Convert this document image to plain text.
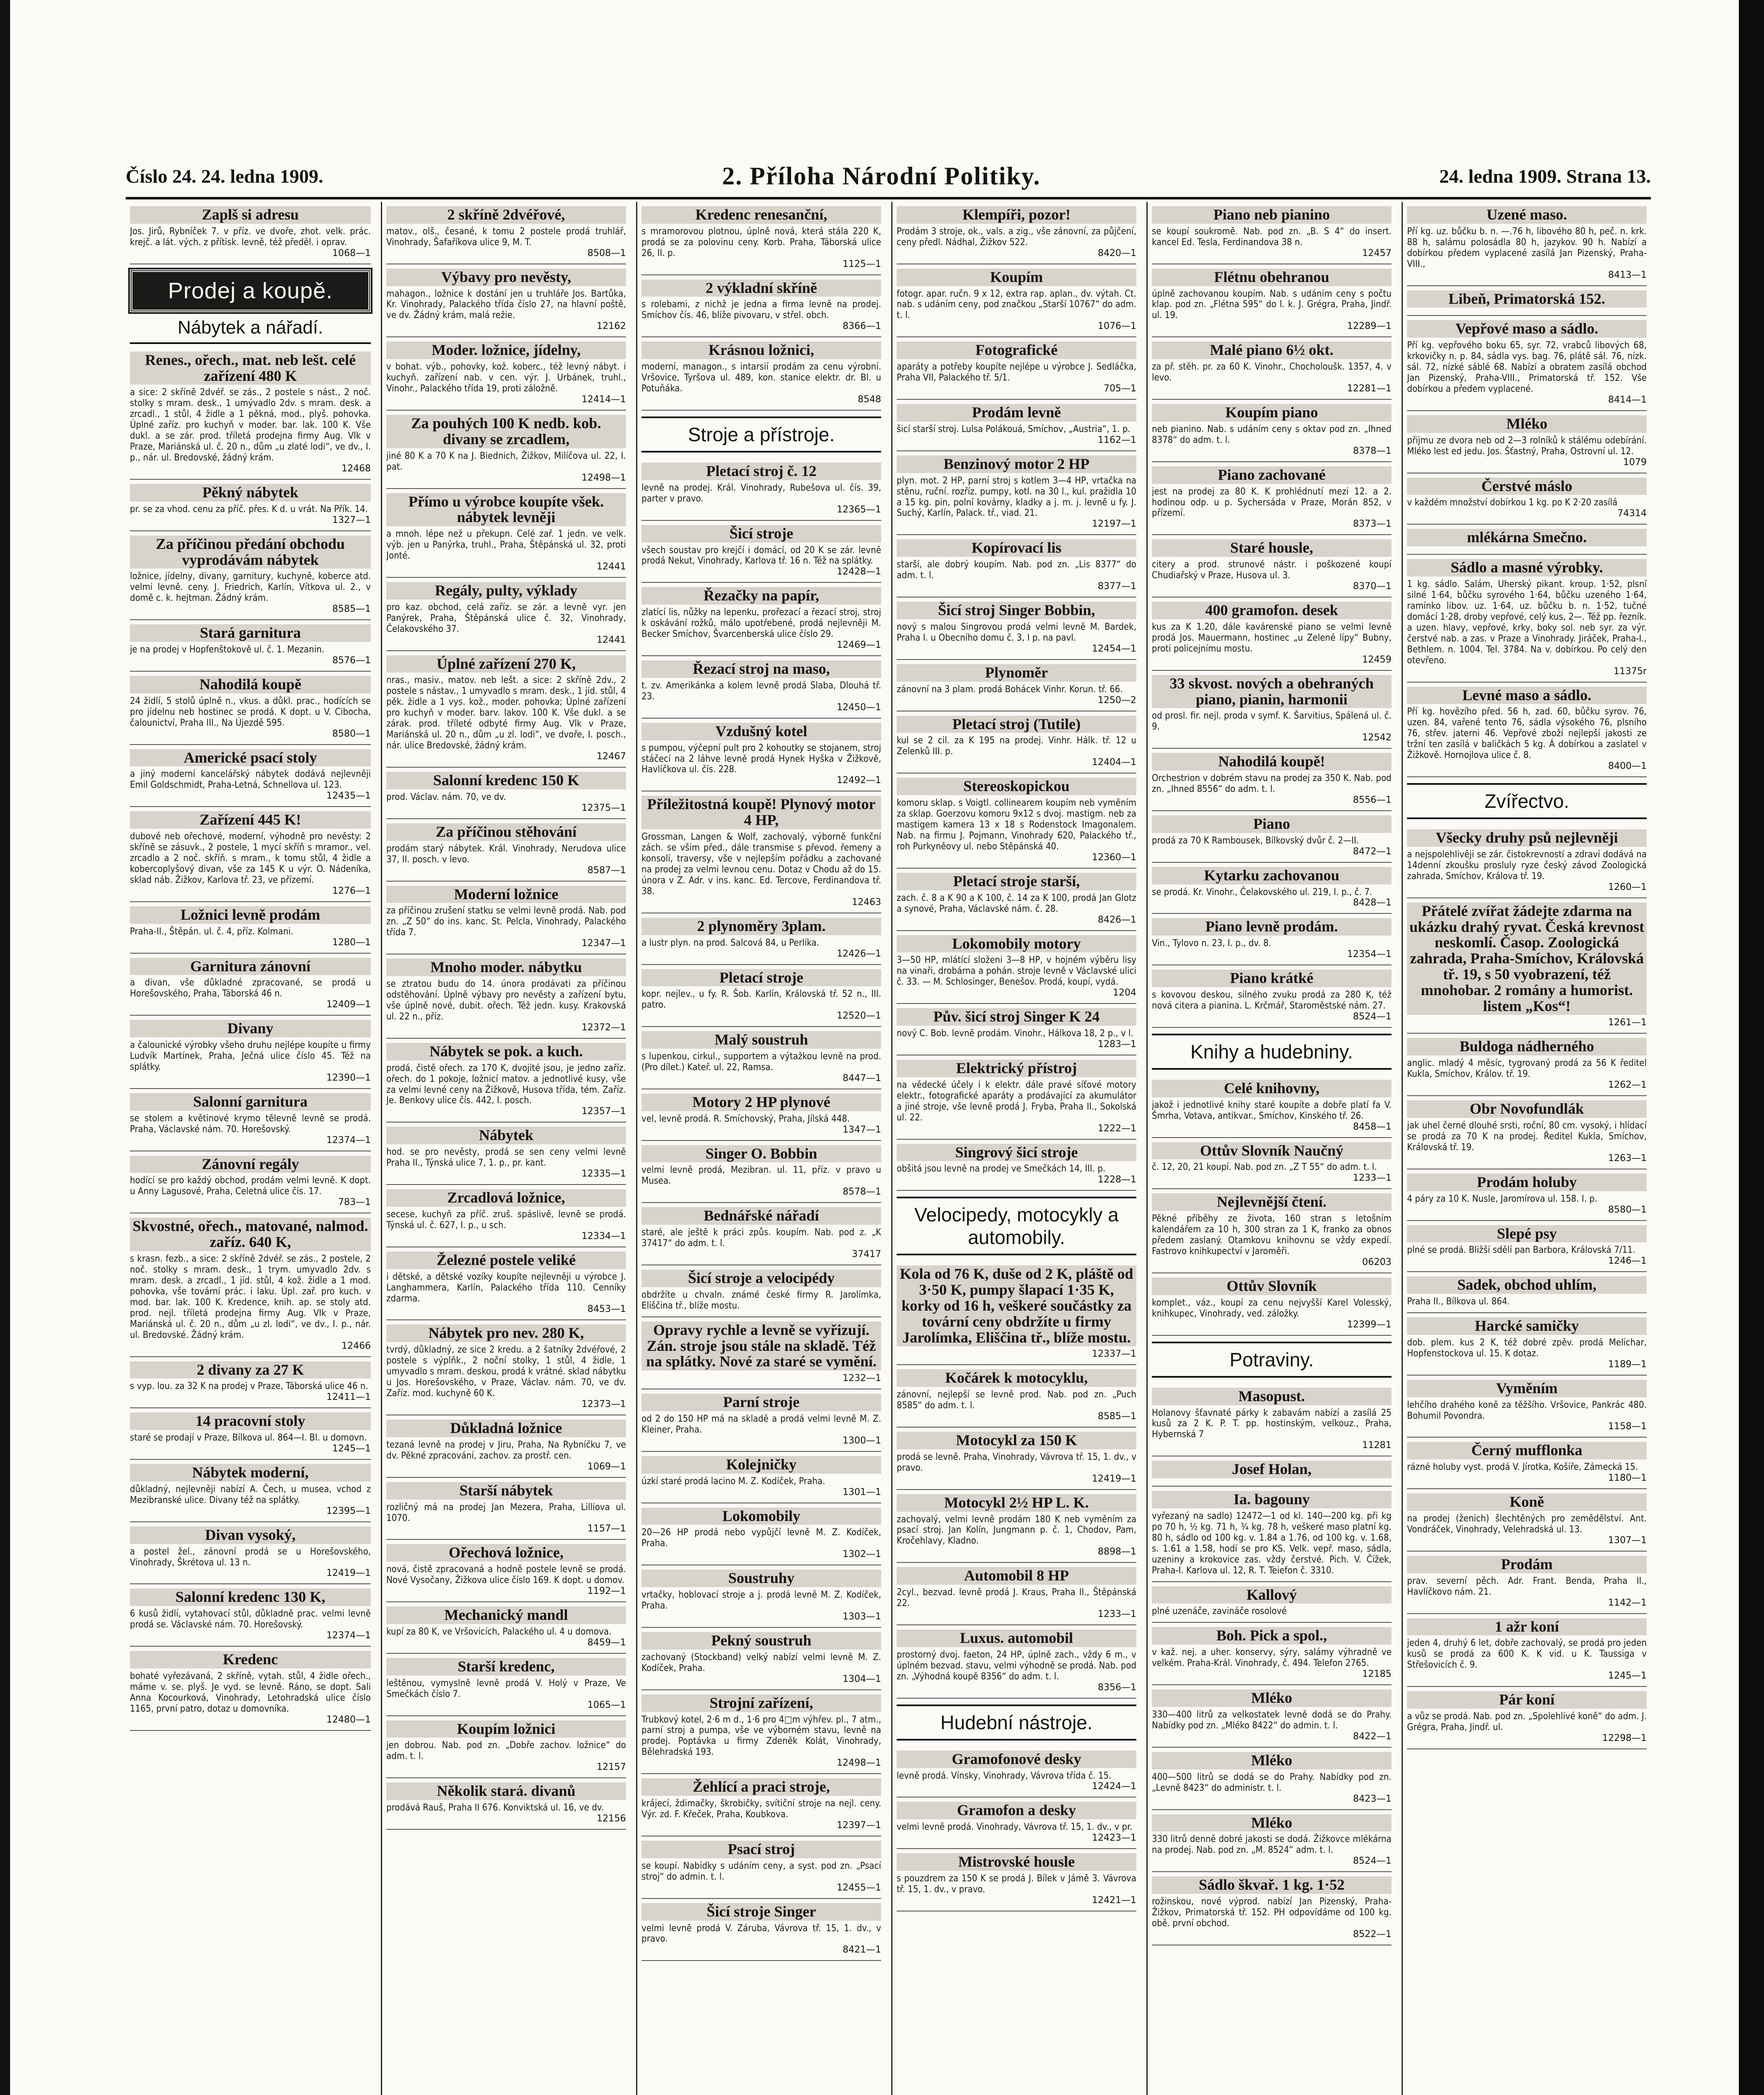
Číslo 24. 24. ledna 1909.	2. Příloha Národní Politiky.	24. ledna 1909. Strana 13.
Zaplš si adresu
Jos. Jirů, Rybníček 7. v příz. ve dvoře, zhot. velk. prác. krejč. a lát. vých. z přítisk. levně, též předěl. i oprav.
1068—1
Prodej a koupě.
Nábytek a nářadí.
Renes., ořech., mat. neb lešt. celé zařízení 480 K
a sice: 2 skříně 2dvéř. se zás., 2 postele s nást., 2 noč. stolky s mram. desk., 1 umývadlo 2dv. s mram. desk. a zrcadl., 1 stůl, 4 židle a 1 pěkná, mod., plyš. pohovka. Úplné zaříz. pro kuchyň v moder. bar. lak. 100 K. Vše dukl. a se zár. prod. tříletá prodejna firmy Aug. Vlk v Praze, Mariánská ul. č. 20 n., dům „u zlaté lodi“, ve dv., I. p., nár. ul. Bredovské, žádný krám.
12468
Pěkný nábytek
pr. se za vhod. cenu za příč. přes. K d. u vrát. Na Přík. 14.
1327—1
Za příčinou předání obchodu vyprodávám nábytek
ložnice, jídelny, divany, garnitury, kuchyně, koberce atd. velmi levně. ceny. J. Friedrich, Karlín, Vítkova ul. 2., v domě c. k. hejtman. Žádný krám.
8585—1
Stará garnitura
je na prodej v Hopfenštokově ul. č. 1. Mezanin.
8576—1
Nahodilá koupě
24 židlí, 5 stolů úplně n., vkus. a důkl. prac., hodících se pro jídelnu neb hostinec se prodá. K dopt. u V. Cibocha, čalounictví, Praha III., Na Újezdě 595.
8580—1
Americké psací stoly
a jiný moderní kancelářský nábytek dodává nejlevněji Emil Goldschmidt, Praha-Letná, Schnellova ul. 123.
12435—1
Zařízení 445 K!
dubové neb ořechové, moderní, výhodně pro nevěsty: 2 skříně se zásuvk., 2 postele, 1 mycí skříň s mramor., vel. zrcadlo a 2 noč. skříň. s mram., k tomu stůl, 4 židle a kobercoplyšový divan, vše za 145 K u výr. O. Nádeníka, sklad náb. Žižkov, Karlova tř. 23, ve přízemí.
1276—1
Ložnici levně prodám
Praha-II., Štěpán. ul. č. 4, příz. Kolmani.
1280—1
Garnitura zánovní
a divan, vše důkladné zpracované, se prodá u Horešovského, Praha, Táborská 46 n.
12409—1
Divany
a čalounické výrobky všeho druhu nejlépe koupíte u firmy Ludvík Martínek, Praha, Ječná ulice číslo 45. Též na splátky.
12390—1
Salonní garnitura
se stolem a květinové krymo tělevně levně se prodá. Praha, Václavské nám. 70. Horešovský.
12374—1
Zánovní regály
hodící se pro každý obchod, prodám velmi levně. K dopt. u Anny Lagusové, Praha, Celetná ulice čís. 17.
783—1
Skvostné, ořech., matované, nalmod. zaříz. 640 K,
s krasn. fezb., a sice: 2 skříně 2dvéř. se zás., 2 postele, 2 noč. stolky s mram. desk., 1 trym. umyvadlo 2dv. s mram. desk. a zrcadl., 1 jíd. stůl, 4 kož. židle a 1 mod. pohovka, vše tovární prác. i laku. Úpl. zař. pro kuch. v mod. bar. lak. 100 K. Kredence, knih. ap. se stoly atd. prod. nejl. tříletá prodejna firmy Aug. Vlk v Praze, Mariánská ul. č. 20 n., dům „u zl. lodi“, ve dv., I. p., nár. ul. Bredovské. Žádný krám.
12466
2 divany za 27 K
s vyp. lou. za 32 K na prodej v Praze, Táborská ulice 46 n.
12411—1
14 pracovní stoly
staré se prodají v Praze, Bílkova ul. 864—I. Bl. u domovn.
1245—1
Nábytek moderní,
důkladný, nejlevněji nabízí A. Čech, u musea, vchod z Mezibranské ulice. Divany též na splátky.
12395—1
Divan vysoký,
a postel žel., zánovní prodá se u Horešovského, Vinohrady, Škrétova ul. 13 n.
12419—1
Salonní kredenc 130 K,
6 kusů židlí, vytahovací stůl, důkladně prac. velmi levně prodá se. Václavské nám. 70. Horešovský.
12374—1
Kredenc
bohaté vyřezávaná, 2 skříně, vytah. stůl, 4 židle ořech., máme v. se. plyš. Je vyd. se levně. Ráno, se dopt. Sali Anna Kocourková, Vinohrady, Letohradská ulice číslo 1165, první patro, dotaz u domovníka.
12480—1
2 skříně 2dvéřové,
matov., olš., česané, k tomu 2 postele prodá truhlář, Vinohrady, Šafaříkova ulice 9, M. T.
8508—1
Výbavy pro nevěsty,
mahagon., ložnice k dostání jen u truhláře Jos. Bartůka, Kr. Vinohrady, Palackého třída číslo 27, na hlavní poště, ve dv. Žádný krám, malá režie.
12162
Moder. ložnice, jídelny,
v bohat. výb., pohovky, kož. koberc., též levný nábyt. i kuchyň. zařízení nab. v cen. výr. J. Urbánek, truhl., Vinohr., Palackého třída 19, proti záložně.
12414—1
Za pouhých 100 K nedb. kob. divany se zrcadlem,
jiné 80 K a 70 K na J. Biednich, Žižkov, Milíčova ul. 22, I. pat.
12498—1
Přímo u výrobce koupíte všek. nábytek levněji
a mnoh. lépe než u překupn. Celé zař. 1 jedn. ve velk. výb. jen u Panýrka, truhl., Praha, Štěpánská ul. 32, proti Jonté.
12441
Regály, pulty, výklady
pro kaz. obchod, celá zaříz. se zár. a levně vyr. jen Panýrek, Praha, Štěpánská ulice č. 32, Vinohrady, Čelakovského 37.
12441
Úplné zařízení 270 K,
nras., masiv., matov. neb lešt. a sice: 2 skříně 2dv., 2 postele s nástav., 1 umyvadlo s mram. desk., 1 jíd. stůl, 4 pěk. židle a 1 vys. kož., moder. pohovka; Úplné zařízení pro kuchyň v moder. barv. lakov. 100 K. Vše dukl. a se zárak. prod. tříleté odbyté firmy Aug. Vlk v Praze, Mariánská ul. 20 n., dům „u zl. lodi“, ve dvoře, I. posch., nár. ulice Bredovské, žádný krám.
12467
Salonní kredenc 150 K
prod. Václav. nám. 70, ve dv.
12375—1
Za příčinou stěhování
prodám starý nábytek. Král. Vinohrady, Nerudova ulice 37, II. posch. v levo.
8587—1
Moderní ložnice
za příčinou zrušení statku se velmi levně prodá. Nab. pod zn. „Z 50“ do ins. kanc. St. Pelcla, Vinohrady, Palackého třída 7.
12347—1
Mnoho moder. nábytku
se ztratou budu do 14. února prodávati za příčinou odstěhování. Úplně výbavy pro nevěsty a zařízení bytu, vše úplně nové, dubit. ořech. Též jedn. kusy. Krakovská ul. 22 n., příz.
12372—1
Nábytek se pok. a kuch.
prodá, čistě ořech. za 170 K, dvojité jsou, je jedno zaříz. ořech. do 1 pokoje, ložnicí matov. a jednotlivé kusy, vše za velmi levné ceny na Žižkově, Husova třída, tém. Zaříz. Je. Benkovy ulice čís. 442, I. posch.
12357—1
Nábytek
hod. se pro nevěsty, prodá se sen ceny velmi levně Praha II., Týnská ulice 7, 1. p., pr. kant.
12335—1
Zrcadlová ložnice,
secese, kuchyň za příč. zruš. spáslivě, levně se prodá. Týnská ul. č. 627, I. p., u sch.
12334—1
Železné postele veliké
i dětské, a dětské vozíky koupíte nejlevněji u výrobce J. Langhammera, Karlín, Palackého třída 110. Cenníky zdarma.
8453—1
Nábytek pro nev. 280 K,
tvrdý, důkladný, ze sice 2 kredu. a 2 šatníky 2dvéřové, 2 postele s výplňk., 2 noční stolky, 1 stůl, 4 židle, 1 umyvadlo s mram. deskou, prodá k vrátné. sklad nábytku u Jos. Horešovského, v Praze, Václav. nám. 70, ve dv. Zaříz. mod. kuchyně 60 K.
12373—1
Důkladná ložnice
tezaná levně na prodej v Jiru, Praha, Na Rybníčku 7, ve dv. Pěkné zpracování, zachov. za prostř. cen.
1069—1
Starší nábytek
rozličný má na prodej Jan Mezera, Praha, Lilliova ul. 1070.
1157—1
Ořechová ložnice,
nová, čistě zpracovaná a hodně postele levně se prodá. Nové Vysočany, Žižkova ulice číslo 169. K dopt. u domov.
1192—1
Mechanický mandl
kupí za 80 K, ve Vršovicích, Palackého ul. 4 u domova.
8459—1
Starší kredenc,
leštěnou, vymyslně levně prodá V. Holý v Praze, Ve Smečkách číslo 7.
1065—1
Koupím ložnici
jen dobrou. Nab. pod zn. „Dobře zachov. ložnice“ do adm. t. l.
12157
Několik stará. divanů
prodává Rauš, Praha II 676. Konviktská ul. 16, ve dv.
12156
Kredenc renesanční,
s mramorovou plotnou, úplně nová, která stála 220 K, prodá se za polovinu ceny. Korb. Praha, Táborská ulice 26, II. p.
1125—1
2 výkladní skříně
s rolebami, z nichž je jedna a firma levně na prodej. Smíchov čís. 46, blíže pivovaru, v střel. obch.
8366—1
Krásnou ložnici,
moderní, managon., s intarsií prodám za cenu výrobní. Vršovice, Tyršova ul. 489, kon. stanice elektr. dr. Bl. u Potuňáka.
8548
Stroje a přístroje.
Pletací stroj č. 12
levně na prodej. Král. Vinohrady, Rubešova ul. čís. 39, parter v pravo.
12365—1
Šicí stroje
všech soustav pro krejčí i domácí, od 20 K se zár. levně prodá Nekut, Vinohrady, Karlova tř. 16 n. Též na splátky.
12428—1
Řezačky na papír,
zlatící lis, nůžky na lepenku, prořezací a řezací stroj, stroj k oskávání rožků, málo upotřebené, prodá nejlevněji M. Becker Smíchov, Švarcenberská ulice číslo 29.
12469—1
Řezací stroj na maso,
t. zv. Amerikánka a kolem levně prodá Slaba, Dlouhá tř. 23.
12450—1
Vzdušný kotel
s pumpou, výčepní pult pro 2 kohoutky se stojanem, stroj stáčecí na 2 láhve levně prodá Hynek Hyška v Žižkově, Havlíčkova ul. čís. 228.
12492—1
Příležitostná koupě! Plynový motor 4 HP,
Grossman, Langen & Wolf, zachovalý, výborně funkční zách. se všim před., dále transmise s převod. řemeny a konsolí, traversy, vše v nejlepším pořádku a zachované na prodej za velmi levnou cenu. Dotaz v Chodu až do 15. února v Z. Adr. v ins. kanc. Ed. Tercove, Ferdinandova tř. 38.
12463
2 plynoměry 3plam.
a lustr plyn. na prod. Salcová 84, u Perlíka.
12426—1
Pletací stroje
kopr. nejlev., u fy. R. Šob. Karlín, Královská tř. 52 n., III. patro.
12520—1
Malý soustruh
s lupenkou, cirkul., supportem a výtažkou levně na prod. (Pro dílet.) Kateř. ul. 22, Ramsa.
8447—1
Motory 2 HP plynové
vel, levně prodá. R. Smíchovský, Praha, Jílská 448.
1347—1
Singer O. Bobbin
velmi levně prodá, Mezibran. ul. 11, příz. v pravo u Musea.
8578—1
Bednářské nářadí
staré, ale ještě k práci způs. koupím. Nab. pod z. „K 37417“ do adm. t. l.
37417
Šicí stroje a velocipédy
obdržíte u chvaln. známé české firmy R. Jarolímka, Eliščina tř., blíže mostu.
Opravy rychle a levně se vyřizují. Zán. stroje jsou stále na skladě. Též na splátky. Nové za staré se vymění.
1232—1
Parní stroje
od 2 do 150 HP má na skladě a prodá velmi levně M. Z. Kleiner, Praha.
1300—1
Kolejničky
úzkí staré prodá lacino M. Z. Kodíček, Praha.
1301—1
Lokomobily
20—26 HP prodá nebo vypůjčí levně M. Z. Kodíček, Praha.
1302—1
Soustruhy
vrtačky, hoblovací stroje a j. prodá levně M. Z. Kodíček, Praha.
1303—1
Pekný soustruh
zachovaný (Stockband) velký nabízí velmi levně M. Z. Kodíček, Praha.
1304—1
Strojní zařízení,
Trubkový kotel, 2·6 m d., 1·6 pro 4□m výhřev. pl., 7 atm., parní stroj a pumpa, vše ve výborném stavu, levně na prodej. Poptávka u firmy Zdeněk Kolát, Vinohrady, Bělehradská 193.
12498—1
Žehlící a praci stroje,
krájecí, ždimačky, škrobičky, svítiční stroje na nejl. ceny. Výr. zd. F. Křeček, Praha, Koubkova.
12397—1
Psací stroj
se koupí. Nabídky s udáním ceny, a syst. pod zn. „Psací stroj“ do admin. t. l.
12455—1
Šicí stroje Singer
velmi levně prodá V. Záruba, Vávrova tř. 15, 1. dv., v pravo.
8421—1
Klempíři, pozor!
Prodám 3 stroje, ok., vals. a zig., vše zánovní, za půjčení, ceny předl. Nádhal, Žižkov 522.
8420—1
Koupím
fotogr. apar. ručn. 9 x 12, extra rap. aplan., dv. výtah. Ct. nab. s udáním ceny, pod značkou „Starší 10767“ do adm. t. l.
1076—1
Fotografické
aparáty a potřeby koupíte nejlépe u výrobce J. Sedláčka, Praha VII, Palackého tř. 5/1.
705—1
Prodám levně
šicí starší stroj. Lulsa Polákouá, Smíchov, „Austria“, 1. p.
1162—1
Benzinový motor 2 HP
plyn. mot. 2 HP, parní stroj s kotlem 3—4 HP, vrtačka na stěnu, ruční. rozříz. pumpy, kotl. na 30 l., kul. pražidla 10 a 15 kg. pin, polní kovárny, kladky a j. m. j. levně u fy. J. Suchý, Karlín, Palack. tř., viad. 21.
12197—1
Kopírovací lis
starší, ale dobrý koupím. Nab. pod zn. „Lis 8377“ do adm. t. l.
8377—1
Šicí stroj Singer Bobbin,
nový s malou Singrovou prodá velmi levně M. Bardek, Praha I. u Obecního domu č. 3, I p. na pavl.
12454—1
Plynoměr
zánovní na 3 plam. prodá Bohácek Vinhr. Korun. tř. 66.
1250—2
Pletací stroj (Tutile)
kul se 2 cil. za K 195 na prodej. Vinhr. Hálk. tř. 12 u Zelenků III. p.
12404—1
Stereoskopickou
komoru sklap. s Voigtl. collinearem koupím neb vyměním za sklap. Goerzovu komoru 9x12 s dvoj. mastigm. neb za mastigem kamera 13 x 18 s Rodenstock Imagonalem. Nab. na firmu J. Pojmann, Vinohrady 620, Palackého tř., roh Purkyněovy ul. nebo Stěpánská 40.
12360—1
Pletací stroje starší,
zach. č. 8 a K 90 a K 100, č. 14 za K 100, prodá Jan Glotz a synové, Praha, Václavské nám. č. 28.
8426—1
Lokomobily motory
3—50 HP, mlátící složeni 3—8 HP, v hojném výběru lisy na vinaři, drobárna a pohán. stroje levně v Václavské ulici č. 33. — M. Schlosinger, Benešov. Prodá, koupí, vydá.
1204
Pův. šicí stroj Singer K 24
nový C. Bob. levně prodám. Vinohr., Hálkova 18, 2 p., v l.
1283—1
Elektrický přístroj
na vědecké účely i k elektr. dále pravé síťové motory elektr., fotografické aparáty a prodávající za akumulátor a jiné stroje, vše levně prodá J. Fryba, Praha II., Sokolská ul. 22.
1222—1
Singrový šicí stroje
obšitá jsou levně na prodej ve Smečkách 14, III. p.
1228—1
Velocipedy, motocykly a automobily.
Kola od 76 K, duše od 2 K, pláště od 3·50 K, pumpy šlapací 1·35 K, korky od 16 h, veškeré součástky za tovární ceny obdržíte u firmy Jarolímka, Eliščina tř., blíže mostu.
12337—1
Kočárek k motocyklu,
zánovní, nejlepší se levně prod. Nab. pod zn. „Puch 8585“ do adm. t. l.
8585—1
Motocykl za 150 K
prodá se levně. Praha, Vinohrady, Vávrova tř. 15, 1. dv., v pravo.
12419—1
Motocykl 2½ HP L. K.
zachovalý, velmi levně prodám 180 K neb vyměním za psací stroj. Jan Kolín, Jungmann p. č. 1, Chodov, Pam, Kročehlavy, Kladno.
8898—1
Automobil 8 HP
2cyl., bezvad. levně prodá J. Kraus, Praha II., Štěpánská 22.
1233—1
Luxus. automobil
prostorný dvoj. faeton, 24 HP, úplně zach., vždy 6 m., v úplném bezvad. stavu, velmi výhodně se prodá. Nab. pod zn. „Výhodná koupě 8356“ do adm. t. l.
8356—1
Hudební nástroje.
Gramofonové desky
levně prodá. Vínsky, Vinohrady, Vávrova třída č. 15.
12424—1
Gramofon a desky
velmi levně prodá. Vinohrady, Vávrova tř. 15, 1. dv., v pr.
12423—1
Mistrovské housle
s pouzdrem za 150 K se prodá J. Bílek v Jámě 3. Vávrova tř. 15, 1. dv., v pravo.
12421—1
Piano neb pianino
se koupí soukromě. Nab. pod zn. „B. S 4“ do insert. kancel Ed. Tesla, Ferdinandova 38 n.
12457
Flétnu obehranou
úplně zachovanou koupím. Nab. s udáním ceny s počtu klap. pod zn. „Flétna 595“ do l. k. J. Grégra, Praha, Jindř. ul. 19.
12289—1
Malé piano 6½ okt.
za př. stěh. pr. za 60 K. Vinohr., Chocholoušk. 1357, 4. v levo.
12281—1
Koupím piano
neb pianino. Nab. s udáním ceny s oktav pod zn. „Ihned 8378“ do adm. t. l.
8378—1
Piano zachované
jest na prodej za 80 K. K prohlédnutí mezi 12. a 2. hodinou odp. u p. Sychersáda v Praze, Morán 852, v přízemí.
8373—1
Staré housle,
citery a prod. strunové nástr. i poškozené koupí Chudiařský v Praze, Husova ul. 3.
8370—1
400 gramofon. desek
kus za K 1.20, dále kavárenské piano se velmi levně prodá Jos. Mauermann, hostinec „u Zelené lípy“ Bubny, proti policejnímu mostu.
12459
33 skvost. nových a obehraných piano, pianin, harmonii
od prosl. fir. nejl. proda v symf. K. Šarvitius, Spálená ul. č. 9.
12542
Nahodilá koupě!
Orchestrion v dobrém stavu na prodej za 350 K. Nab. pod zn. „Ihned 8556“ do adm. t. l.
8556—1
Piano
prodá za 70 K Rambousek, Bílkovský dvůr č. 2—II.
8472—1
Kytarku zachovanou
se prodá. Kr. Vinohr., Čelakovského ul. 219, I. p., č. 7.
8428—1
Piano levně prodám.
Vin., Tylovo n. 23, I. p., dv. 8.
12354—1
Piano krátké
s kovovou deskou, silného zvuku prodá za 280 K, též nová citera a pianina. L. Krčmář, Staroměstské nám. 27.
8524—1
Knihy a hudebniny.
Celé knihovny,
jakož i jednotlivé knihy staré koupíte a dobře platí fa V. Šmrha, Votava, antikvar., Smíchov, Kinského tř. 26.
8458—1
Ottův Slovník Naučný
č. 12, 20, 21 koupí. Nab. pod zn. „Z T 55“ do adm. t. l.
1233—1
Nejlevnější čtení.
Pěkné příběhy ze života, 160 stran s letošním kalendářem za 10 h, 300 stran za 1 K, franko za obnos předem zaslaný. Otamkovu knihovnu se vždy expedí. Fastrovo knihkupectví v Jaroměři.
06203
Ottův Slovník
komplet., váz., koupí za cenu nejvyšší Karel Volesský, knihkupec, Vinohrady, ved. záložky.
12399—1
Potraviny.
Masopust.
Holanovy šťavnaté párky k zabavám nabízí a zasílá 25 kusů za 2 K. P. T. pp. hostinským, velkouz., Praha, Hybernská 7
11281
Josef Holan,
Ia. bagouny
vyřezaný na sadlo) 12472—1 od kl. 140—200 kg. při kg po 70 h, ½ kg. 71 h, ¾ kg. 78 h, veškeré maso platní kg. 80 h, sádlo od 100 kg. v. 1.84 a 1.76, od 100 kg. v. 1.68, s. 1.61 a 1.58, hodí se pro KS. Velk. vepř. maso, sádla, uzeniny a krokovice zas. vždy čerstvé. Pich. V. Čížek, Praha-I. Karlova ul. 12, R. T. Teiefon č. 3310.
Kallový
plné uzenáče, zavináče rosolové
Boh. Pick a spol.,
v kaž. nej. a uher. konservy, sýry, salámy výhradně ve velkém. Praha-Král. Vinohrady, č. 494. Telefon 2765.
12185
Mléko
330—400 litrů za velkostatek levně dodá se do Prahy. Nabídky pod zn. „Mléko 8422“ do admin. t. l.
8422—1
Mléko
400—500 litrů se dodá se do Prahy. Nabídky pod zn. „Levně 8423“ do administr. t. l.
8423—1
Mléko
330 litrů denně dobré jakosti se dodá. Žižkovce mlékárna na prodej. Nab. pod zn. „M. 8524“ adm. t. l.
8524—1
Sádlo škvař. 1 kg. 1·52
rožinskou, nové výprod. nabízí Jan Pizenský, Praha-Žižkov, Primatorská tř. 152. PH odpovídáme od 100 kg. obě. první obchod.
8522—1
Uzené maso.
Pří kg. uz. bůčku b. n. —.76 h, libového 80 h, peč. n. krk. 88 h, salámu polosádla 80 h, jazykov. 90 h. Nabízí a dobírkou předem vyplacené zasílá Jan Pizenský, Praha-VIII.,
8413—1
Libeň, Primatorská 152.
Vepřové maso a sádlo.
Pří kg. vepřového boku 65, syr. 72, vrabců libových 68, krkovičky n. p. 84, sádla vys. bag. 76, plátě sál. 76, nízk. sál. 72, nízké sáblé 68. Nabízí a obratem zasílá obchod Jan Pizenský, Praha-VIII., Primatorská tř. 152. Vše dobírkou a předem vyplacené.
8414—1
Mléko
přijmu ze dvora neb od 2—3 rolníků k stálému odebírání. Mléko lest ed jedu. Jos. Šťastný, Praha, Ostrovní ul. 12.
1079
Čerstvé máslo
v každém množství dobírkou 1 kg. po K 2·20 zasílá
74314
mlékárna Smečno.
Sádlo a masné výrobky.
1 kg. sádlo. Salám, Uherský pikant. kroup. 1·52, plsní silné 1·64, bůčku syrového 1·64, bůčku uzeného 1·64, ramínko libov. uz. 1·64, uz. bůčku b. n. 1·52, tučné domácí 1·28, droby vepřové, celý kus, 2—. Též pp. řezník. a uzen. hlavy, vepřové, krky, boky sol. neb syr. za výr. čerstvé nab. a zas. v Praze a Vinohrady. Jiráček, Praha-I., Bethlem. n. 1004. Tel. 3784. Na v. dobírkou. Po celý den otevřeno.
11375r
Levné maso a sádlo.
Pří kg. hovězího před. 56 h, zad. 60, bůčku syrov. 76, uzen. 84, vařené tento 76, sádla výsokého 76, plsního 76, střev. jaterni 46. Vepřové zboží nejlepší jakosti ze tržní ten zasílá v baličkách 5 kg. Á dobírkou a zaslatel v Žižkově. Hornojlova ulice č. 8.
8400—1
Zvířectvo.
Všecky druhy psů nejlevněji
a nejspolehlivěji se zár. čistokrevností a zdraví dodává na 14denní zkoušku prosluly ryze český závod Zoologická zahrada, Smíchov, Králova tř. 19.
1260—1
Přátelé zvířat žádejte zdarma na ukázku drahý ryvat. Česká krevnost neskomlí. Časop. Zoologická zahrada, Praha-Smíchov, Královská tř. 19, s 50 vyobrazení, též mnohobar. 2 romány a humorist. listem „Kos“!
1261—1
Buldoga nádherného
anglic. mladý 4 měsíc, tygrovaný prodá za 56 K ředitel Kukla, Smíchov, Králov. tř. 19.
1262—1
Obr Novofundlák
jak uhel černé dlouhé srsti, roční, 80 cm. vysoký, i hlídací se prodá za 70 K na prodej. Ředitel Kukla, Smíchov, Královská tř. 19.
1263—1
Prodám holuby
4 páry za 10 K. Nusle, Jaromírova ul. 158. I. p.
8580—1
Slepé psy
plné se prodá. Bližší sdělí pan Barbora, Královská 7/11.
1246—1
Sadek, obchod uhlím,
Praha II., Bílkova ul. 864.
Harcké samičky
dob. plem. kus 2 K, též dobré zpěv. prodá Melichar, Hopfenstockova ul. 15. K dotaz.
1189—1
Vyměním
lehčího drahého koně za těžšího. Vršovice, Pankrác 480. Bohumil Povondra.
1158—1
Černý mufflonka
rázné holuby vyst. prodá V. Jírotka, Košíře, Zámecká 15.
1180—1
Koně
na prodej (ženich) šlechtěných pro zemědělství. Ant. Vondráček, Vinohrady, Velehradská ul. 13.
1307—1
Prodám
prav. severní pěch. Adr. Frant. Benda, Praha II., Havlíčkovo nám. 21.
1142—1
1 ažr koní
jeden 4, druhý 6 let, dobře zachovalý, se prodá pro jeden kusů se prodá za 600 K. K vid. u K. Taussiga v Střešovicích č. 9.
1245—1
Pár koní
a vůz se prodá. Nab. pod zn. „Spolehlivé koně“ do adm. J. Grégra, Praha, Jindř. ul.
12298—1
